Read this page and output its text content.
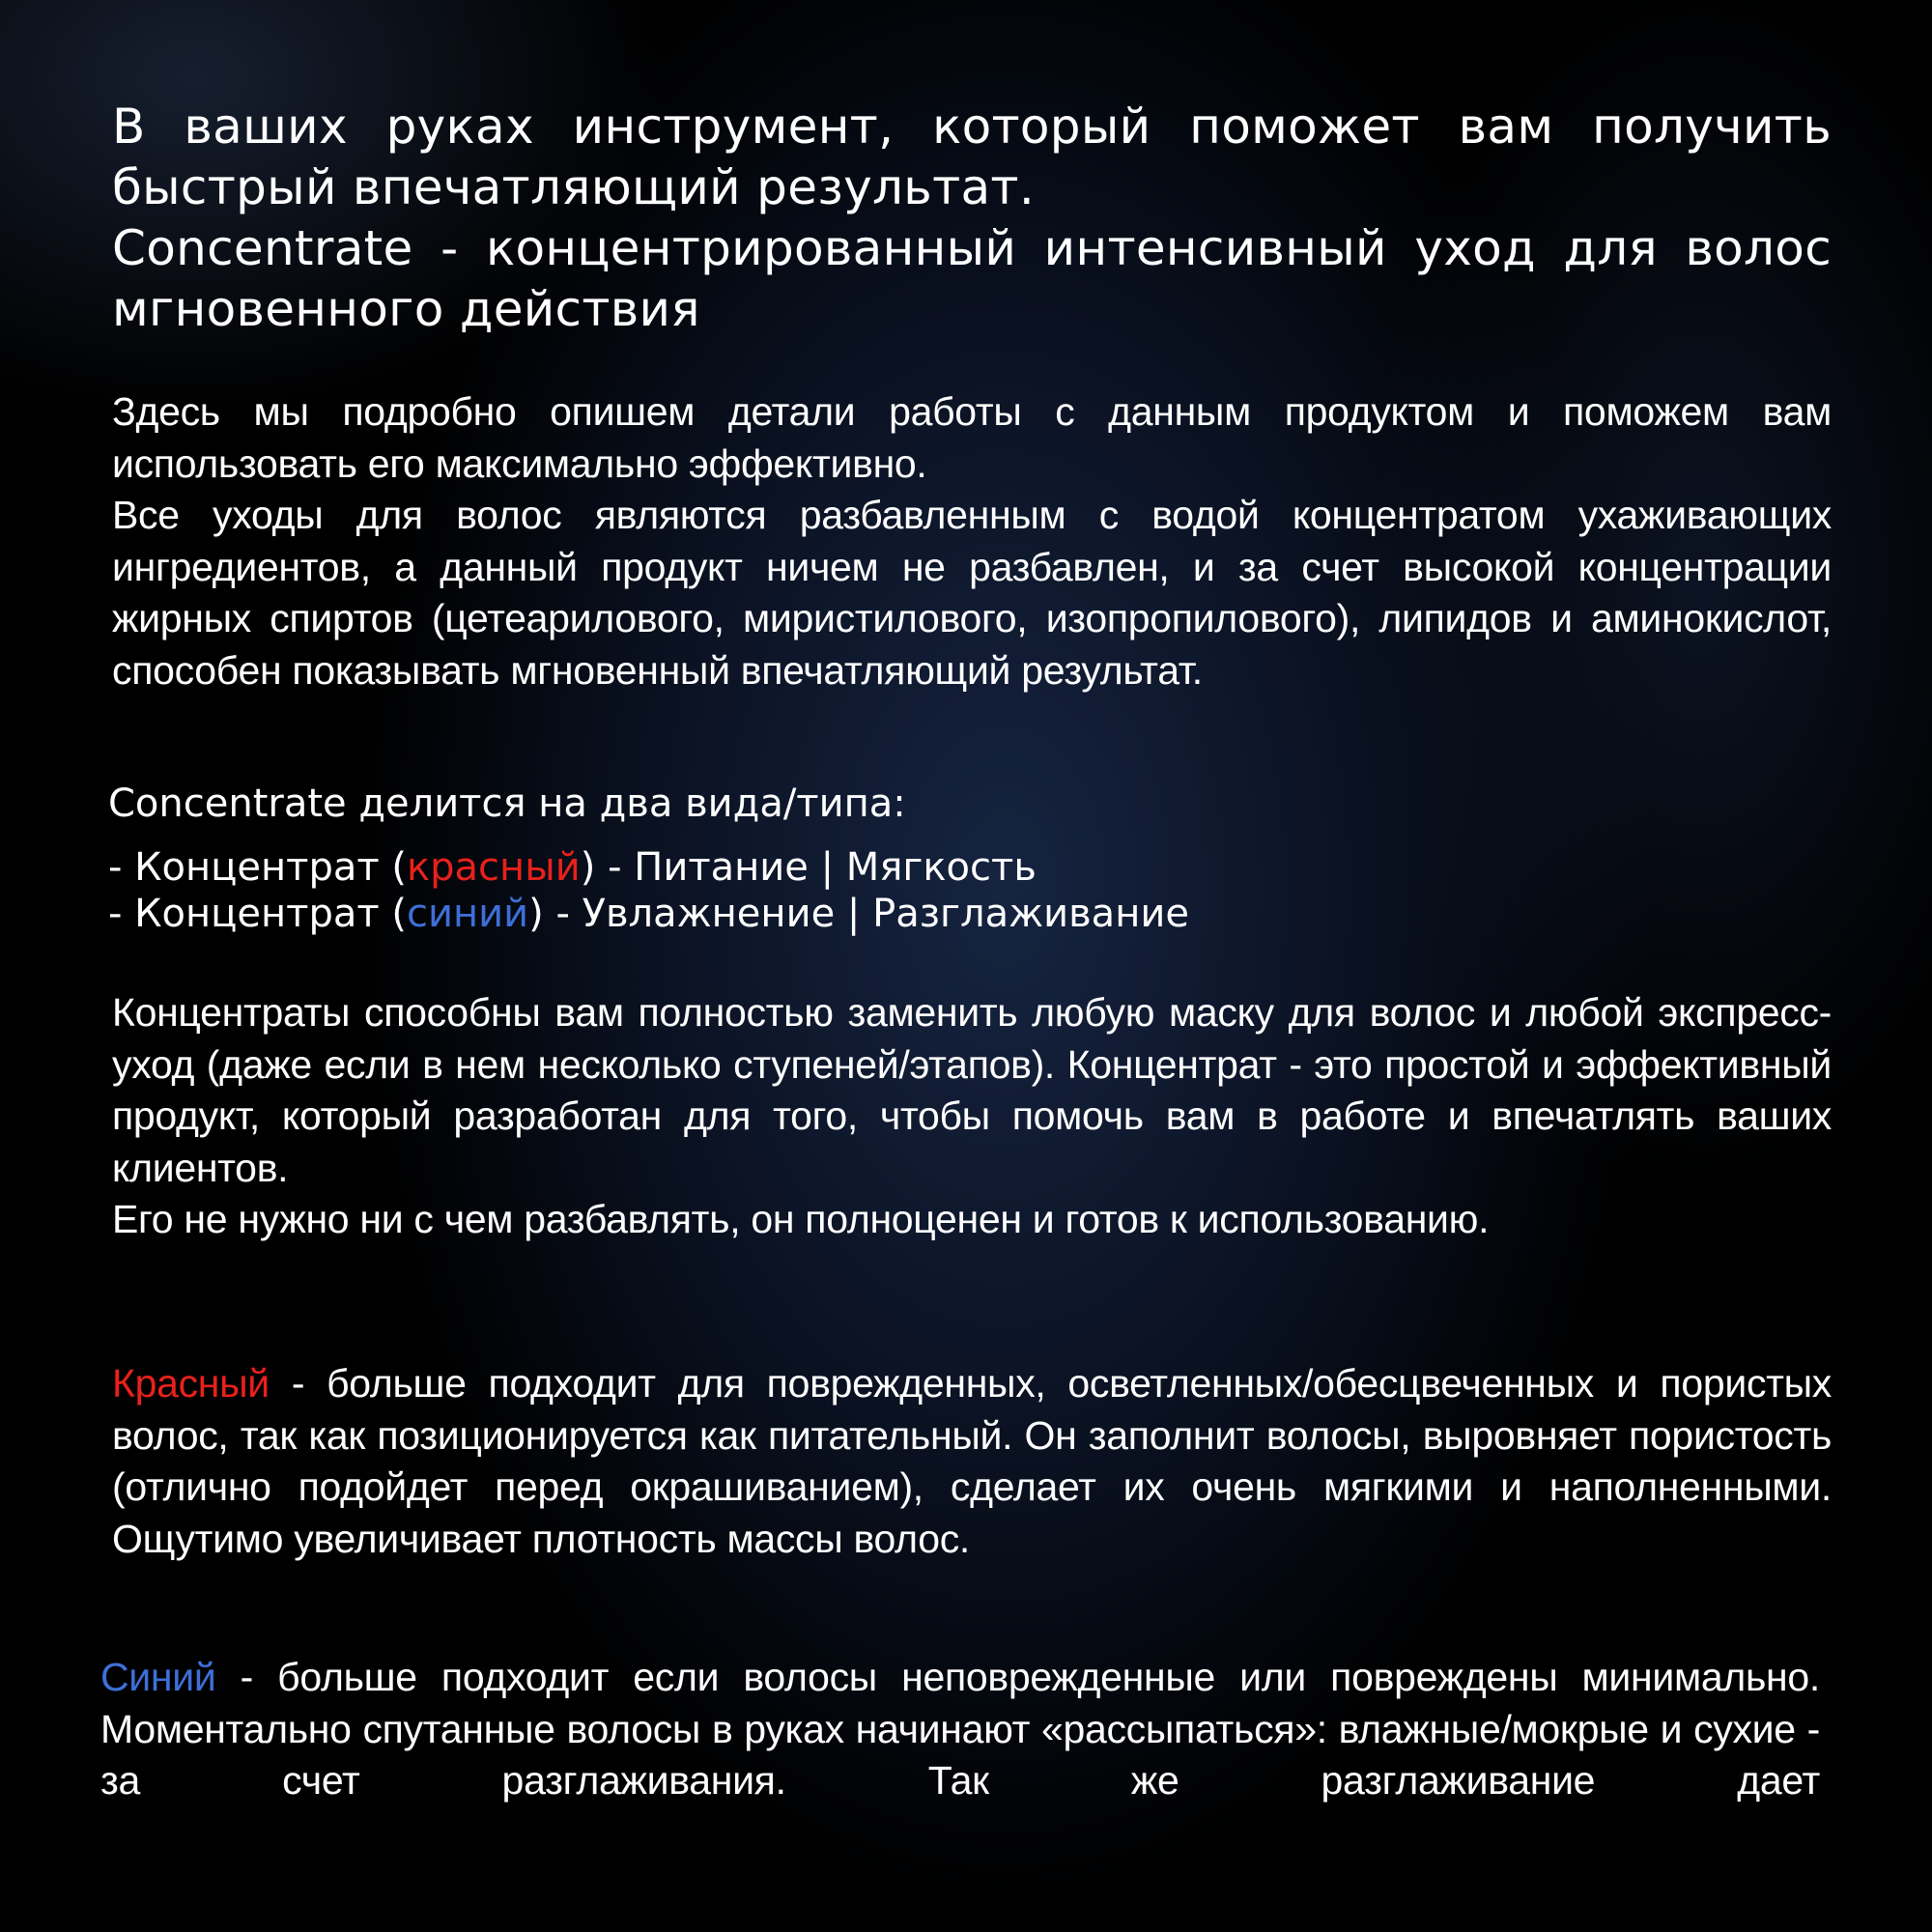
В ваших руках инструмент, который поможет вам получить быстрый впечатляющий результат.
Concentrate - концентрированный интенсивный уход для волос мгновенного действия
Здесь мы подробно опишем детали работы с данным продуктом и поможем вам использовать его максимально эффективно.
Все уходы для волос являются разбавленным с водой концентратом ухаживающих ингредиентов, а данный продукт ничем не разбавлен, и за счет высокой концентрации жирных спиртов (цетеарилового, миристилового, изопропилового), липидов и аминокислот, способен показывать мгновенный впечатляющий результат.
Concentrate делится на два вида/типа:
- Концентрат (красный) - Питание | Мягкость
- Концентрат (синий) - Увлажнение | Разглаживание
Концентраты способны вам полностью заменить любую маску для волос и любой экспресс-уход (даже если в нем несколько ступеней/этапов). Концентрат - это простой и эффективный продукт, который разработан для того, чтобы помочь вам в работе и впечатлять ваших клиентов.
Его не нужно ни с чем разбавлять, он полноценен и готов к использованию.
Красный - больше подходит для поврежденных, осветленных/обесцвеченных и пористых волос, так как позиционируется как питательный. Он заполнит волосы, выровняет пористость (отлично подойдет перед окрашиванием), сделает их очень мягкими и наполненными. Ощутимо увеличивает плотность массы волос.
Синий - больше подходит если волосы неповрежденные или повреждены минимально. Моментально спутанные волосы в руках начинают «рассыпаться»: влажные/мокрые и сухие - за счет разглаживания. Так же разглаживание дает
